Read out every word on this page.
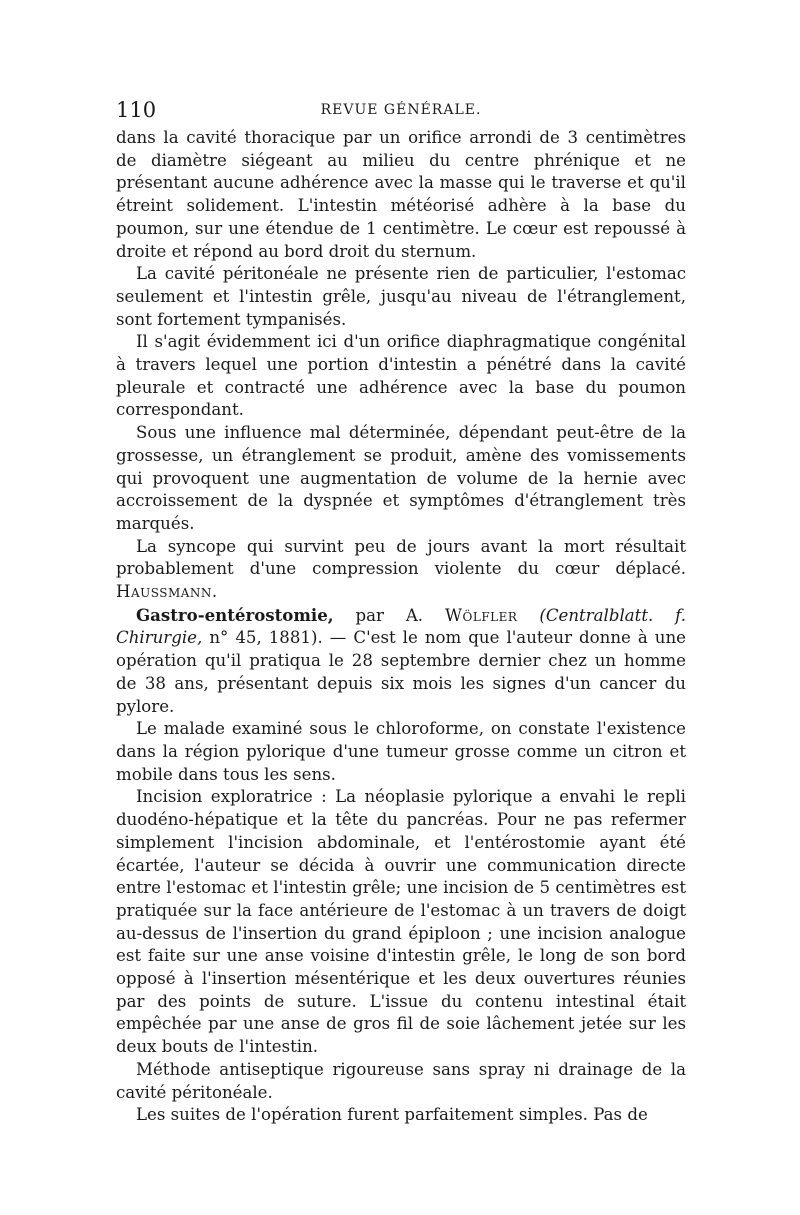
110	REVUE GÉNÉRALE.

dans la cavité thoracique par un orifice arrondi de 3 centimètres de diamètre siégeant au milieu du centre phrénique et ne présentant aucune adhérence avec la masse qui le traverse et qu'il étreint solidement. L'intestin météorisé adhère à la base du poumon, sur une étendue de 1 centimètre. Le cœur est repoussé à droite et répond au bord droit du sternum.

La cavité péritonéale ne présente rien de particulier, l'estomac seulement et l'intestin grêle, jusqu'au niveau de l'étranglement, sont fortement tympanisés.

Il s'agit évidemment ici d'un orifice diaphragmatique congénital à travers lequel une portion d'intestin a pénétré dans la cavité pleurale et contracté une adhérence avec la base du poumon correspondant.

Sous une influence mal déterminée, dépendant peut-être de la grossesse, un étranglement se produit, amène des vomissements qui provoquent une augmentation de volume de la hernie avec accroissement de la dyspnée et symptômes d'étranglement très marqués.

La syncope qui survint peu de jours avant la mort résultait probablement d'une compression violente du cœur déplacé. Haussmann.

Gastro-entérostomie, par A. Wölfler (Centralblatt. f. Chirurgie, n° 45, 1881). — C'est le nom que l'auteur donne à une opération qu'il pratiqua le 28 septembre dernier chez un homme de 38 ans, présentant depuis six mois les signes d'un cancer du pylore.

Le malade examiné sous le chloroforme, on constate l'existence dans la région pylorique d'une tumeur grosse comme un citron et mobile dans tous les sens.

Incision exploratrice : La néoplasie pylorique a envahi le repli duodéno-hépatique et la tête du pancréas. Pour ne pas refermer simplement l'incision abdominale, et l'entérostomie ayant été écartée, l'auteur se décida à ouvrir une communication directe entre l'estomac et l'intestin grêle; une incision de 5 centimètres est pratiquée sur la face antérieure de l'estomac à un travers de doigt au-dessus de l'insertion du grand épiploon ; une incision analogue est faite sur une anse voisine d'intestin grêle, le long de son bord opposé à l'insertion mésentérique et les deux ouvertures réunies par des points de suture. L'issue du contenu intestinal était empêchée par une anse de gros fil de soie lâchement jetée sur les deux bouts de l'intestin.

Méthode antiseptique rigoureuse sans spray ni drainage de la cavité péritonéale.

Les suites de l'opération furent parfaitement simples. Pas de
